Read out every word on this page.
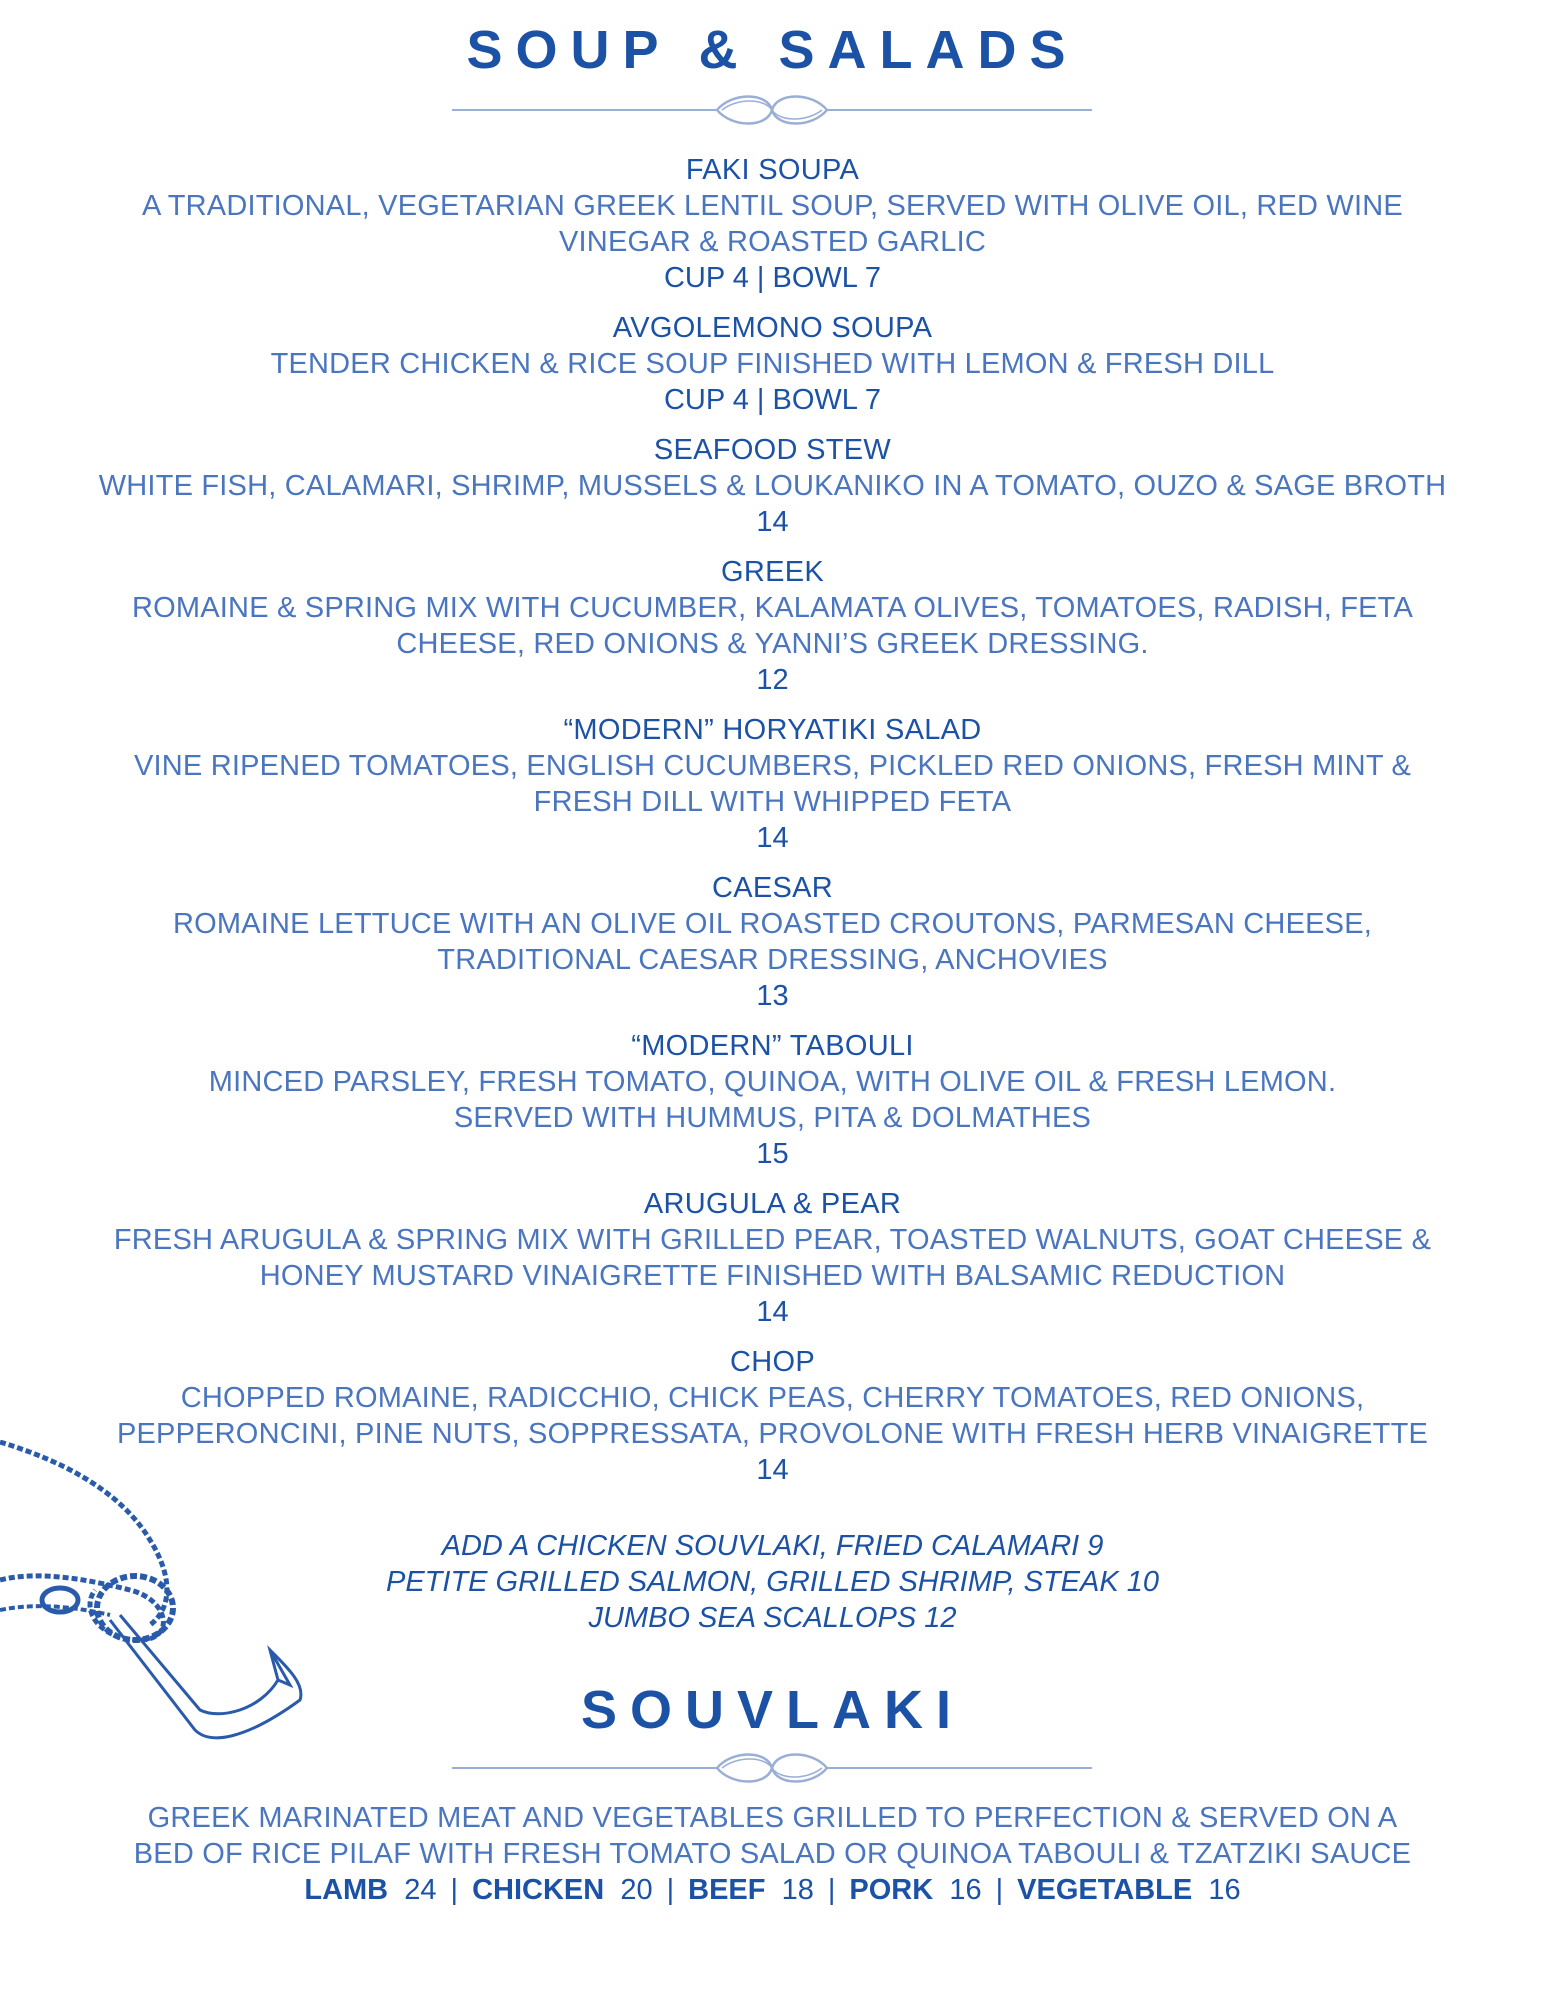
SOUP & SALADS
FAKI SOUPA
A TRADITIONAL, VEGETARIAN GREEK LENTIL SOUP, SERVED WITH OLIVE OIL, RED WINE
VINEGAR & ROASTED GARLIC
CUP 4 | BOWL 7
AVGOLEMONO SOUPA
TENDER CHICKEN & RICE SOUP FINISHED WITH LEMON & FRESH DILL
CUP 4 | BOWL 7
SEAFOOD STEW
WHITE FISH, CALAMARI, SHRIMP, MUSSELS & LOUKANIKO IN A TOMATO, OUZO & SAGE BROTH
14
GREEK
ROMAINE & SPRING MIX WITH CUCUMBER, KALAMATA OLIVES, TOMATOES, RADISH, FETA
CHEESE, RED ONIONS & YANNI’S GREEK DRESSING.
12
“MODERN” HORYATIKI SALAD
VINE RIPENED TOMATOES, ENGLISH CUCUMBERS, PICKLED RED ONIONS, FRESH MINT &
FRESH DILL WITH WHIPPED FETA
14
CAESAR
ROMAINE LETTUCE WITH AN OLIVE OIL ROASTED CROUTONS, PARMESAN CHEESE,
TRADITIONAL CAESAR DRESSING, ANCHOVIES
13
“MODERN” TABOULI
MINCED PARSLEY, FRESH TOMATO, QUINOA, WITH OLIVE OIL & FRESH LEMON.
SERVED WITH HUMMUS, PITA & DOLMATHES
15
ARUGULA & PEAR
FRESH ARUGULA & SPRING MIX WITH GRILLED PEAR, TOASTED WALNUTS, GOAT CHEESE &
HONEY MUSTARD VINAIGRETTE FINISHED WITH BALSAMIC REDUCTION
14
CHOP
CHOPPED ROMAINE, RADICCHIO, CHICK PEAS, CHERRY TOMATOES, RED ONIONS,
PEPPERONCINI, PINE NUTS, SOPPRESSATA, PROVOLONE WITH FRESH HERB VINAIGRETTE
14
ADD A CHICKEN SOUVLAKI, FRIED CALAMARI 9
PETITE GRILLED SALMON, GRILLED SHRIMP, STEAK 10
JUMBO SEA SCALLOPS 12
SOUVLAKI
GREEK MARINATED MEAT AND VEGETABLES GRILLED TO PERFECTION & SERVED ON A
BED OF RICE PILAF WITH FRESH TOMATO SALAD OR QUINOA TABOULI & TZATZIKI SAUCE
LAMB 24 | CHICKEN 20 | BEEF 18 | PORK 16 | VEGETABLE 16
